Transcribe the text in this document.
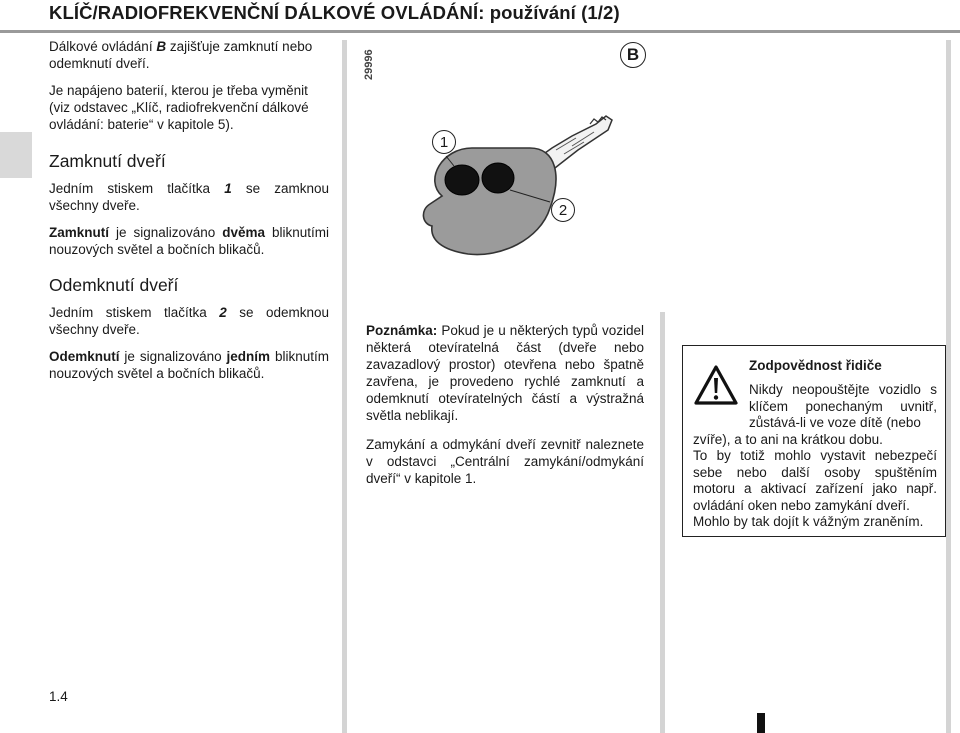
KLÍČ/RADIOFREKVENČNÍ DÁLKOVÉ OVLÁDÁNÍ: používání (1/2)

Dálkové ovládání B zajišťuje zamknutí nebo odemknutí dveří.

Je napájeno baterií, kterou je třeba vyměnit (viz odstavec „Klíč, radiofrekvenční dálkové ovládání: baterie“ v kapitole 5).

Zamknutí dveří

Jedním stiskem tlačítka 1 se zamknou všechny dveře.

Zamknutí je signalizováno dvěma bliknutími nouzových světel a bočních blikačů.

Odemknutí dveří

Jedním stiskem tlačítka 2 se odemknou všechny dveře.

Odemknutí je signalizováno jedním bliknutím nouzových světel a bočních blikačů.

29996	B
1
2

Poznámka: Pokud je u některých typů vozidel některá otevíratelná část (dveře nebo zavazadlový prostor) otevřena nebo špatně zavřena, je provedeno rychlé zamknutí a odemknutí otevíratelných částí a výstražná světla neblikají.

Zamykání a odmykání dveří zevnitř naleznete v odstavci „Centrální zamykání/odmykání dveří“ v kapitole 1.

Zodpovědnost řidiče
Nikdy neopouštějte vozidlo s klíčem ponechaným uvnitř, zůstává-li ve voze dítě (nebo
zvíře), a to ani na krátkou dobu.
To by totiž mohlo vystavit nebezpečí sebe nebo další osoby spuštěním motoru a aktivací zařízení jako např. ovládání oken nebo zamykání dveří.
Mohlo by tak dojít k vážným zraněním.
1.4
